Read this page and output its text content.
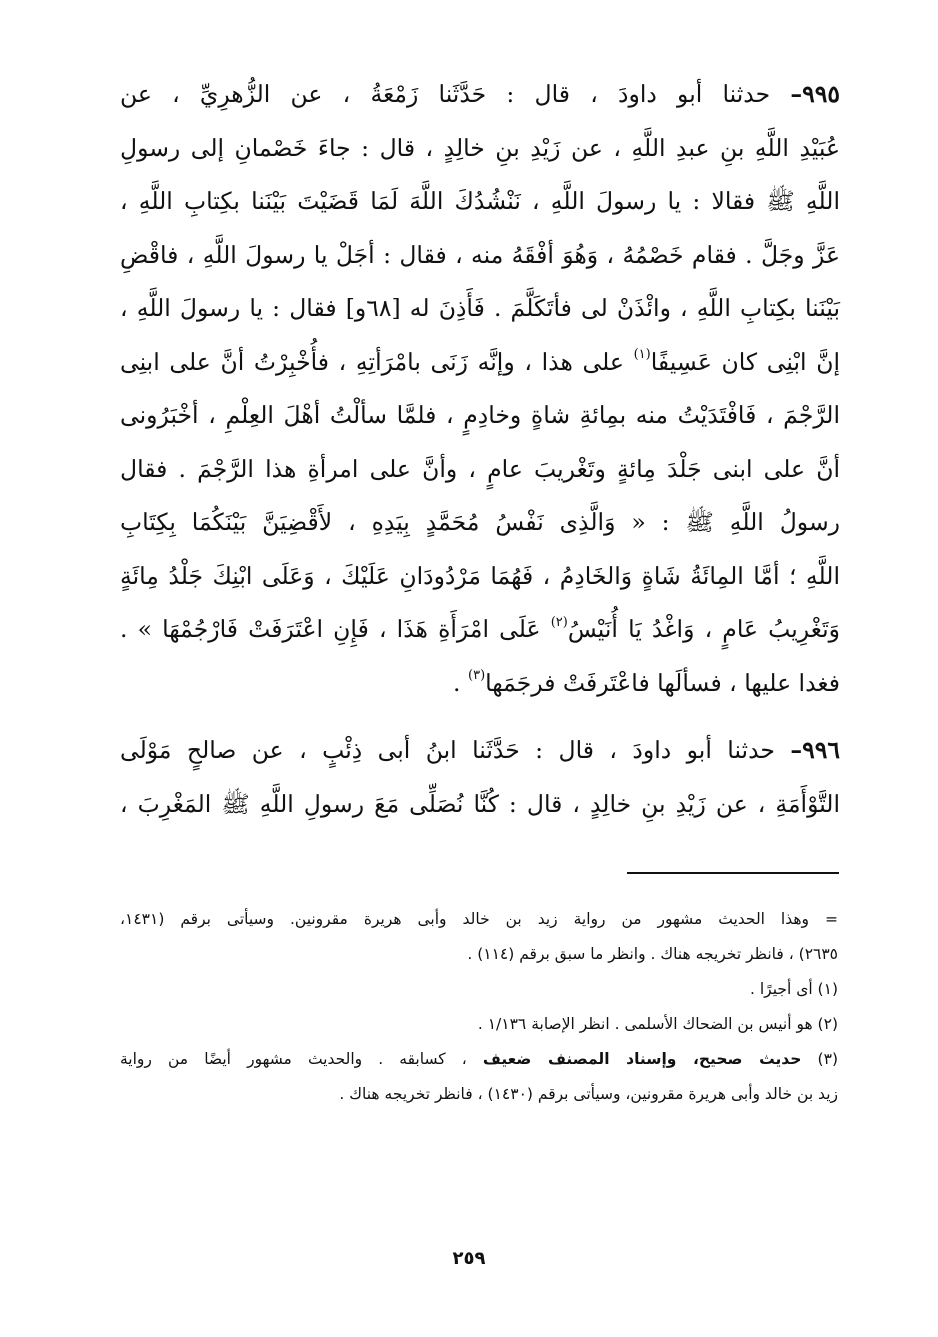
٩٩٥– حدثنا أبو داودَ ، قال : حَدَّثَنا زَمْعَةُ ، عن الزُّهرِيِّ ، عن
عُبَيْدِ اللَّهِ بنِ عبدِ اللَّهِ ، عن زَيْدِ بنِ خالِدٍ ، قال : جاءَ خَصْمانِ إلى رسولِ
اللَّهِ ﷺ فقالا : يا رسولَ اللَّهِ ، نَنْشُدُكَ اللَّهَ لَمَا قَضَيْتَ بَيْنَنا بكِتابِ اللَّهِ ،
عَزَّ وجَلَّ . فقام خَصْمُهُ ، وَهُوَ أفْقَهُ منه ، فقال : أجَلْ يا رسولَ اللَّهِ ، فاقْضِ
بَيْنَنا بكِتابِ اللَّهِ ، وائْذَنْ لى فأتَكَلَّمَ . فَأَذِنَ له [٦٨و] فقال : يا رسولَ اللَّهِ ،
إنَّ ابْنِى كان عَسِيفًا$^{(١)}$ على هذا ، وإنَّه زَنَى بامْرَأتِهِ ، فأُخْبِرْتُ أنَّ على ابنِى
الرَّجْمَ ، فَافْتَدَيْتُ منه بمِائةِ شاةٍ وخادِمٍ ، فلمَّا سألْتُ أهْلَ العِلْمِ ، أخْبَرُونى
أنَّ على ابنى جَلْدَ مِائةٍ وتَغْريبَ عامٍ ، وأنَّ على امرأةِ هذا الرَّجْمَ . فقال
رسولُ اللَّهِ ﷺ : « وَالَّذِى نَفْسُ مُحَمَّدٍ بِيَدِهِ ، لأَقْضِيَنَّ بَيْنَكُمَا بِكِتَابِ
اللَّهِ ؛ أمَّا المِائَةُ شَاةٍ وَالخَادِمُ ، فَهُمَا مَرْدُودَانِ عَلَيْكَ ، وَعَلَى ابْنِكَ جَلْدُ مِائَةٍ
وَتَغْرِيبُ عَامٍ ، وَاغْدُ يَا أُنَيْسُ$^{(٢)}$ عَلَى امْرَأَةِ هَذَا ، فَإِنِ اعْتَرَفَتْ فَارْجُمْهَا » .
فغدا عليها ، فسألَها فاعْتَرفَتْ فرجَمَها$^{(٣)}$ .
٩٩٦– حدثنا أبو داودَ ، قال : حَدَّثَنا ابنُ أبى ذِئْبٍ ، عن صالحٍ مَوْلَى
التَّوْأَمَةِ ، عن زَيْدِ بنِ خالِدٍ ، قال : كُنَّا نُصَلِّى مَعَ رسولِ اللَّهِ ﷺ المَغْرِبَ ،
= وهذا الحديث مشهور من رواية زيد بن خالد وأبى هريرة مقرونين. وسيأتى برقم (١٤٣١،
٢٦٣٥) ، فانظر تخريجه هناك . وانظر ما سبق برقم (١١٤) .
(١) أى أجيرًا .
(٢) هو أنيس بن الضحاك الأسلمى . انظر الإصابة ١/١٣٦ .
(٣) حديث صحيح، وإسناد المصنف ضعيف ، كسابقه . والحديث مشهور أيضًا من رواية
زيد بن خالد وأبى هريرة مقرونين، وسيأتى برقم (١٤٣٠) ، فانظر تخريجه هناك .
٢٥٩
